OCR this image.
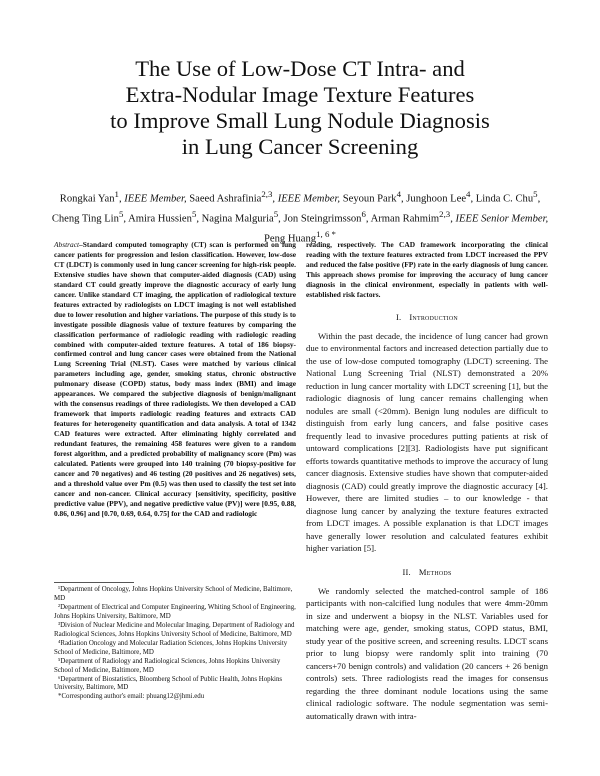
The Use of Low-Dose CT Intra- and
Extra-Nodular Image Texture Features
to Improve Small Lung Nodule Diagnosis
in Lung Cancer Screening
Rongkai Yan$^1$, IEEE Member, Saeed Ashrafinia$^{2,3}$, IEEE Member, Seyoun Park$^4$, Junghoon Lee$^4$, Linda C. Chu$^5$,
Cheng Ting Lin$^5$, Amira Hussien$^5$, Nagina Malguria$^5$, Jon Steingrimsson$^6$, Arman Rahmim$^{2,3}$, IEEE Senior Member,
Peng Huang$^{1, 6 *}$

Abstract–Standard computed tomography (CT) scan is performed on lung cancer patients for progression and lesion classification. However, low-dose CT (LDCT) is commonly used in lung cancer screening for high-risk people. Extensive studies have shown that computer-aided diagnosis (CAD) using standard CT could greatly improve the diagnostic accuracy of early lung cancer. Unlike standard CT imaging, the application of radiological texture features extracted by radiologists on LDCT imaging is not well established due to lower resolution and higher variations. The purpose of this study is to investigate possible diagnosis value of texture features by comparing the classification performance of radiologic reading with radiologic reading combined with computer-aided texture features. A total of 186 biopsy-confirmed control and lung cancer cases were obtained from the National Lung Screening Trial (NLST). Cases were matched by various clinical parameters including age, gender, smoking status, chronic obstructive pulmonary disease (COPD) status, body mass index (BMI) and image appearances. We compared the subjective diagnosis of benign/malignant with the consensus readings of three radiologists. We then developed a CAD framework that imports radiologic reading features and extracts CAD features for heterogeneity quantification and data analysis. A total of 1342 CAD features were extracted. After eliminating highly correlated and redundant features, the remaining 458 features were given to a random forest algorithm, and a predicted probability of malignancy score (Pm) was calculated. Patients were grouped into 140 training (70 biopsy-positive for cancer and 70 negatives) and 46 testing (20 positives and 26 negatives) sets, and a threshold value over Pm (0.5) was then used to classify the test set into cancer and non-cancer. Clinical accuracy [sensitivity, specificity, positive predictive value (PPV), and negative predictive value (PV)] were [0.95, 0.88, 0.86, 0.96] and [0.70, 0.69, 0.64, 0.75] for the CAD and radiologic

¹Department of Oncology, Johns Hopkins University School of Medicine, Baltimore, MD

²Department of Electrical and Computer Engineering, Whiting School of Engineering, Johns Hopkins University, Baltimore, MD

³Division of Nuclear Medicine and Molecular Imaging, Department of Radiology and Radiological Sciences, Johns Hopkins University School of Medicine, Baltimore, MD

⁴Radiation Oncology and Molecular Radiation Sciences, Johns Hopkins University School of Medicine, Baltimore, MD

⁵Department of Radiology and Radiological Sciences, Johns Hopkins University School of Medicine, Baltimore, MD

⁶Department of Biostatistics, Bloomberg School of Public Health, Johns Hopkins University, Baltimore, MD

*Corresponding author's email: phuang12@jhmi.edu

reading, respectively. The CAD framework incorporating the clinical reading with the texture features extracted from LDCT increased the PPV and reduced the false positive (FP) rate in the early diagnosis of lung cancer. This approach shows promise for improving the accuracy of lung cancer diagnosis in the clinical environment, especially in patients with well-established risk factors.

I. Introduction

Within the past decade, the incidence of lung cancer had grown due to environmental factors and increased detection partially due to the use of low-dose computed tomography (LDCT) screening. The National Lung Screening Trial (NLST) demonstrated a 20% reduction in lung cancer mortality with LDCT screening [1], but the radiologic diagnosis of lung cancer remains challenging when nodules are small (<20mm). Benign lung nodules are difficult to distinguish from early lung cancers, and false positive cases frequently lead to invasive procedures putting patients at risk of untoward complications [2][3]. Radiologists have put significant efforts towards quantitative methods to improve the accuracy of lung cancer diagnosis. Extensive studies have shown that computer-aided diagnosis (CAD) could greatly improve the diagnostic accuracy [4]. However, there are limited studies – to our knowledge - that diagnose lung cancer by analyzing the texture features extracted from LDCT images. A possible explanation is that LDCT images have generally lower resolution and calculated features exhibit higher variation [5].

II. Methods

We randomly selected the matched-control sample of 186 participants with non-calcified lung nodules that were 4mm-20mm in size and underwent a biopsy in the NLST. Variables used for matching were age, gender, smoking status, COPD status, BMI, study year of the positive screen, and screening results. LDCT scans prior to lung biopsy were randomly split into training (70 cancers+70 benign controls) and validation (20 cancers + 26 benign controls) sets. Three radiologists read the images for consensus regarding the three dominant nodule locations using the same clinical radiologic software. The nodule segmentation was semi-automatically drawn with intra-
